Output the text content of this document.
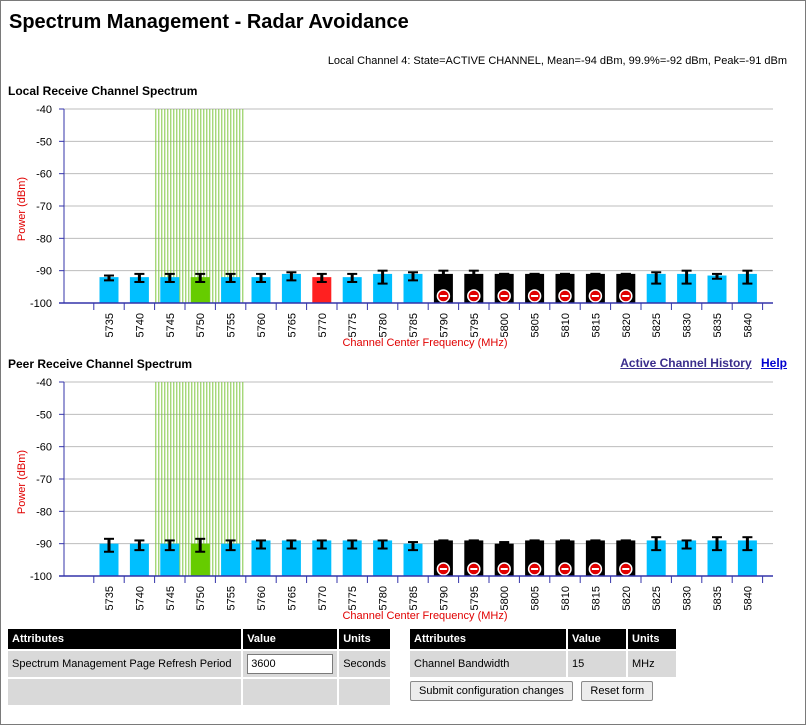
Spectrum Management - Radar Avoidance
Local Channel 4: State=ACTIVE CHANNEL, Mean=-94 dBm, 99.9%=-92 dBm, Peak=-91 dBm
Local Receive Channel Spectrum
-40
-50
-60
-70
-80
-90
-100
5735 5740 5745 5750 5755 5760 5765 5770 5775 5780 5785 5790 5795 5800 5805 5810 5815 5820 5825 5830 5835 5840
Channel Center Frequency (MHz)
Power (dBm)
Peer Receive Channel Spectrum	Active Channel History Help
-40
-50
-60
-70
-80
-90
-100
5735 5740 5745 5750 5755 5760 5765 5770 5775 5780 5785 5790 5795 5800 5805 5810 5815 5820 5825 5830 5835 5840
Channel Center Frequency (MHz)
Power (dBm)
Attributes	Value	Units
Spectrum Management Page Refresh Period	3600	Seconds

Attributes	Value	Units
Channel Bandwidth	15	MHz
Submit configuration changes Reset form
